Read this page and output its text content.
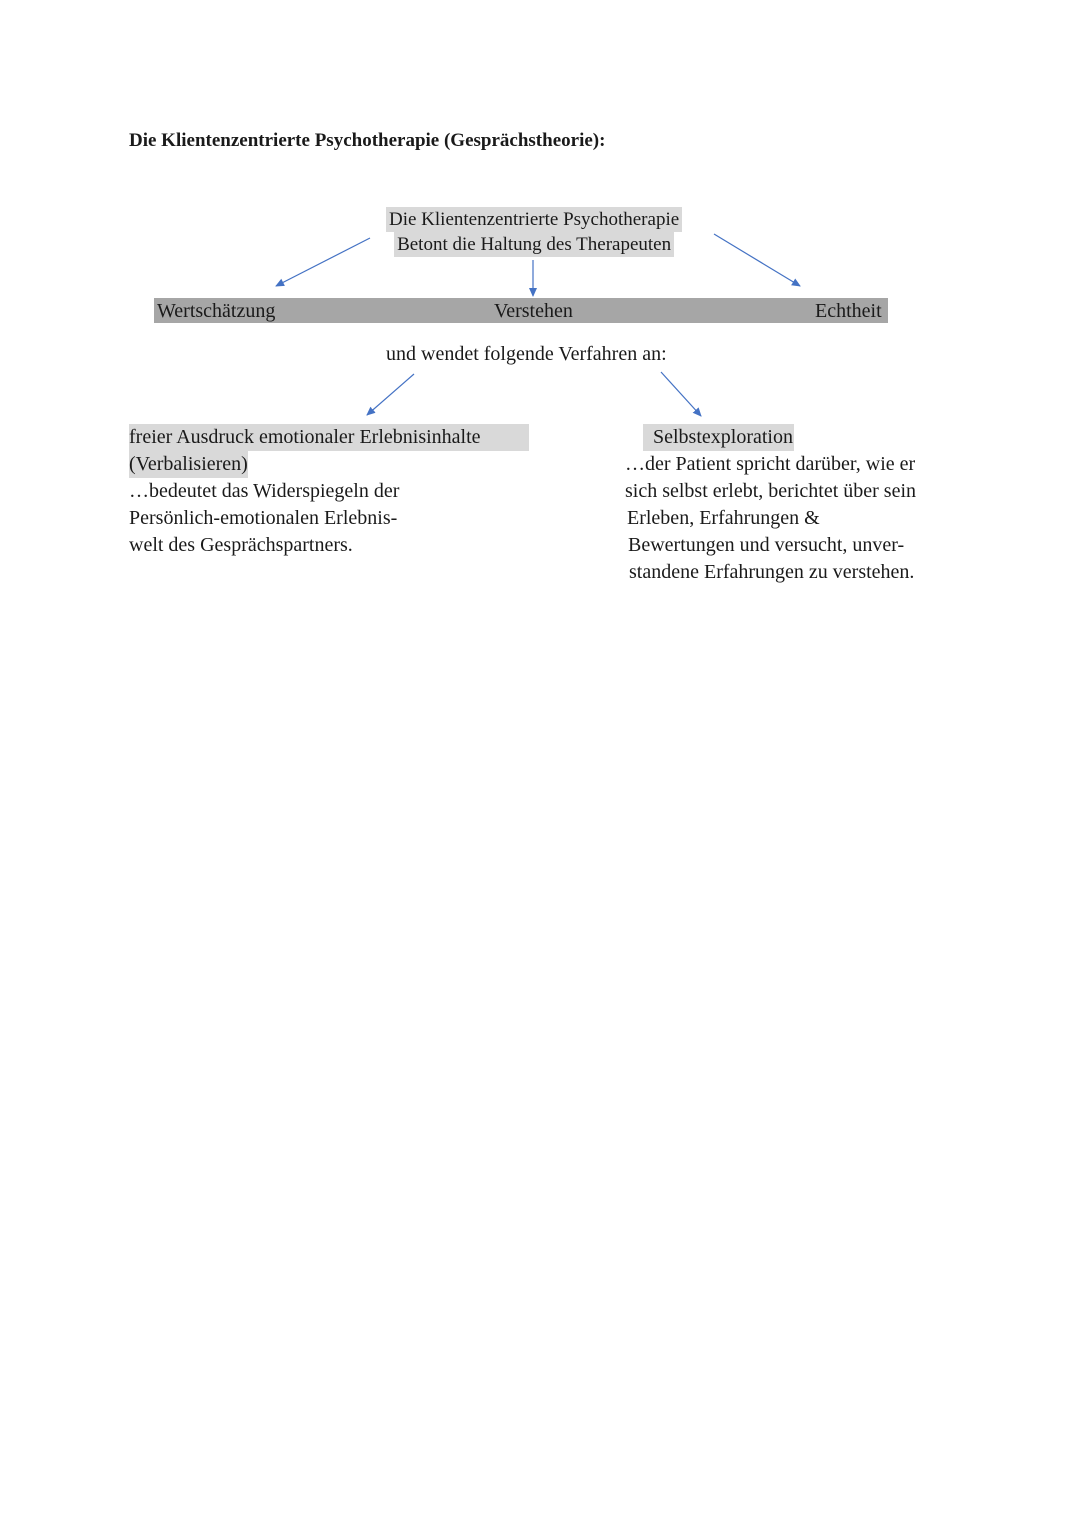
Die Klientenzentrierte Psychotherapie (Gesprächstheorie):
Die Klientenzentrierte Psychotherapie
Betont die Haltung des Therapeuten
Wertschätzung	Verstehen	Echtheit
und wendet folgende Verfahren an:
freier Ausdruck emotionaler Erlebnisinhalte
(Verbalisieren)
…bedeutet das Widerspiegeln der
Persönlich-emotionalen Erlebnis-
welt des Gesprächspartners.
Selbstexploration
…der Patient spricht darüber, wie er
sich selbst erlebt, berichtet über sein
Erleben, Erfahrungen &
Bewertungen und versucht, unver-
standene Erfahrungen zu verstehen.
